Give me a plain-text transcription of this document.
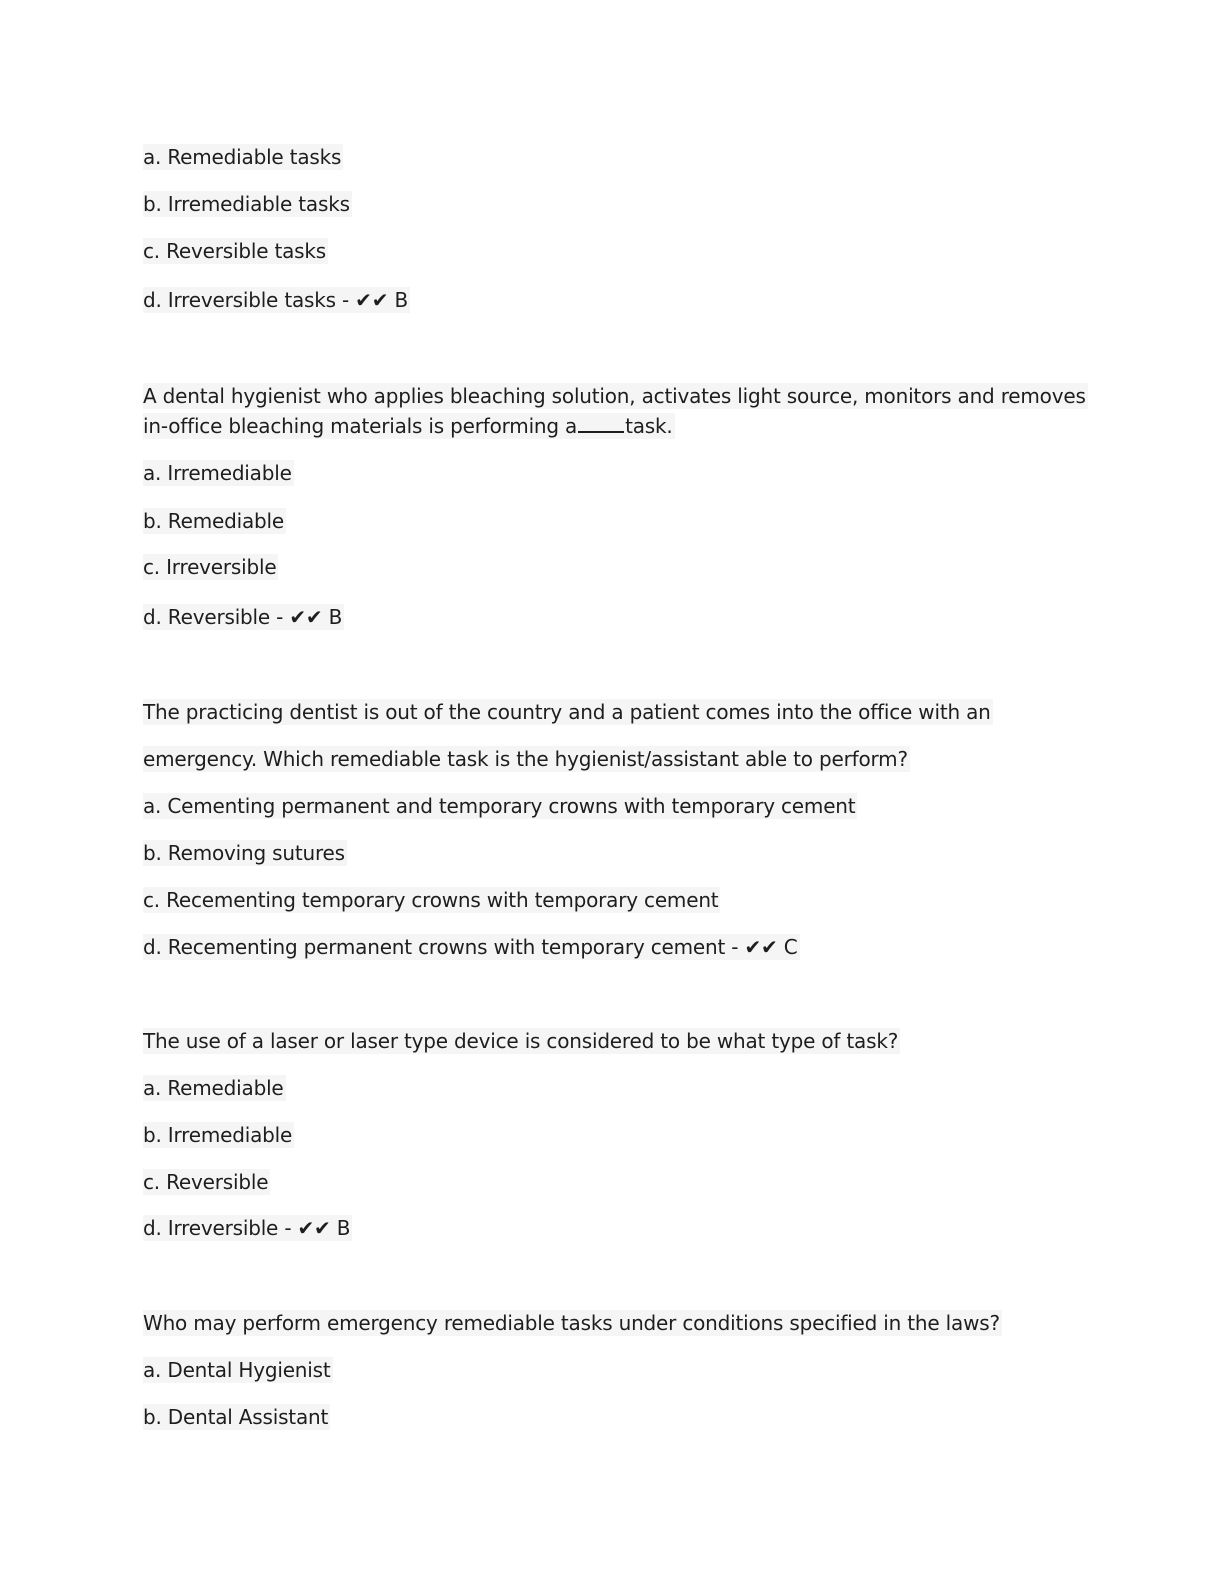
a. Remediable tasks
b. Irremediable tasks
c. Reversible tasks
d. Irreversible tasks - ✔✔ B
A dental hygienist who applies bleaching solution, activates light source, monitors and removes
in-office bleaching materials is performing a task.
a. Irremediable
b. Remediable
c. Irreversible
d. Reversible - ✔✔ B
The practicing dentist is out of the country and a patient comes into the office with an
emergency. Which remediable task is the hygienist/assistant able to perform?
a. Cementing permanent and temporary crowns with temporary cement
b. Removing sutures
c. Recementing temporary crowns with temporary cement
d. Recementing permanent crowns with temporary cement - ✔✔ C
The use of a laser or laser type device is considered to be what type of task?
a. Remediable
b. Irremediable
c. Reversible
d. Irreversible - ✔✔ B
Who may perform emergency remediable tasks under conditions specified in the laws?
a. Dental Hygienist
b. Dental Assistant
